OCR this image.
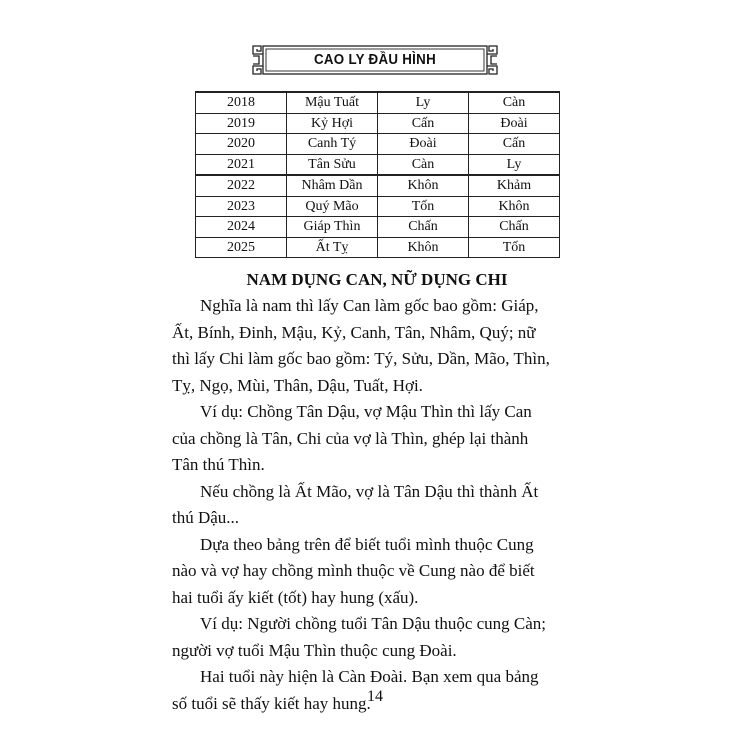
CAO LY ĐẦU HÌNH
2018	Mậu Tuất	Ly	Càn
2019	Kỷ Hợi	Cấn	Đoài
2020	Canh Tý	Đoài	Cấn
2021	Tân Sửu	Càn	Ly
2022	Nhâm Dần	Khôn	Khảm
2023	Quý Mão	Tốn	Khôn
2024	Giáp Thìn	Chấn	Chấn
2025	Ất Tỵ	Khôn	Tốn
NAM DỤNG CAN, NỮ DỤNG CHI

Nghĩa là nam thì lấy Can làm gốc bao gồm: Giáp,
Ất, Bính, Đinh, Mậu, Kỷ, Canh, Tân, Nhâm, Quý; nữ
thì lấy Chi làm gốc bao gồm: Tý, Sửu, Dần, Mão, Thìn,
Tỵ, Ngọ, Mùi, Thân, Dậu, Tuất, Hợi.

Ví dụ: Chồng Tân Dậu, vợ Mậu Thìn thì lấy Can
của chồng là Tân, Chi của vợ là Thìn, ghép lại thành
Tân thú Thìn.

Nếu chồng là Ất Mão, vợ là Tân Dậu thì thành Ất
thú Dậu...

Dựa theo bảng trên để biết tuổi mình thuộc Cung
nào và vợ hay chồng mình thuộc về Cung nào để biết
hai tuổi ấy kiết (tốt) hay hung (xấu).

Ví dụ: Người chồng tuổi Tân Dậu thuộc cung Càn;
người vợ tuổi Mậu Thìn thuộc cung Đoài.

Hai tuổi này hiện là Càn Đoài. Bạn xem qua bảng
số tuổi sẽ thấy kiết hay hung.

14
